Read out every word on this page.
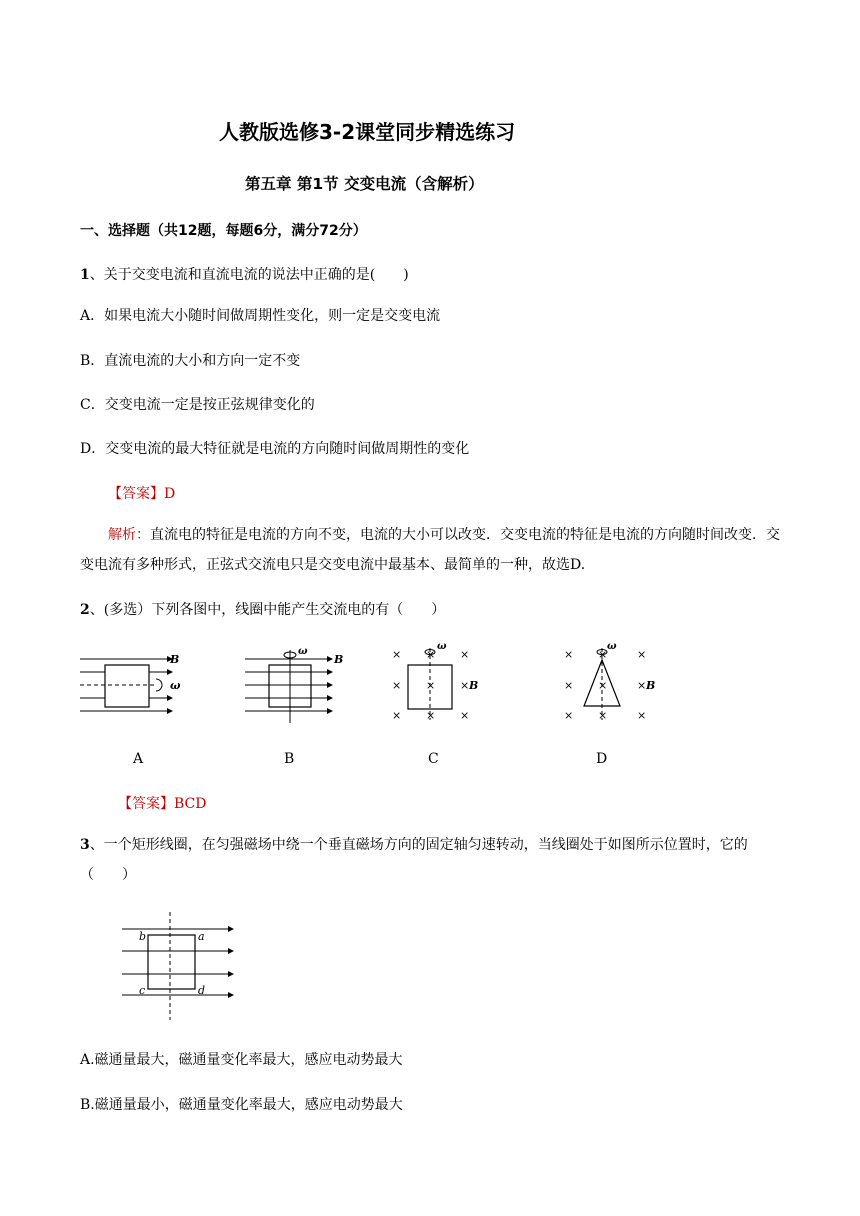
人教版选修3-2课堂同步精选练习
第五章 第1节 交变电流（含解析）
一、选择题（共12题，每题6分，满分72分）
1、关于交变电流和直流电流的说法中正确的是(　　)
A．如果电流大小随时间做周期性变化，则一定是交变电流
B．直流电流的大小和方向一定不变
C．交变电流一定是按正弦规律变化的
D．交变电流的最大特征就是电流的方向随时间做周期性的变化
【答案】D
解析：直流电的特征是电流的方向不变，电流的大小可以改变．交变电流的特征是电流的方向随时间改变．交变电流有多种形式，正弦式交流电只是交变电流中最基本、最简单的一种，故选D.
2、(多选）下列各图中，线圈中能产生交流电的有（　　）
B
ω
ω
B	× × ×
× × ×
× × ×
ω
B
× ×	×
× ×	×
× ×	×
ω
B
A	B	C	D
【答案】BCD
3、一个矩形线圈，在匀强磁场中绕一个垂直磁场方向的固定轴匀速转动，当线圈处于如图所示位置时，它的（　　）
b	a
c	d
A.磁通量最大，磁通量变化率最大，感应电动势最大
B.磁通量最小，磁通量变化率最大，感应电动势最大
